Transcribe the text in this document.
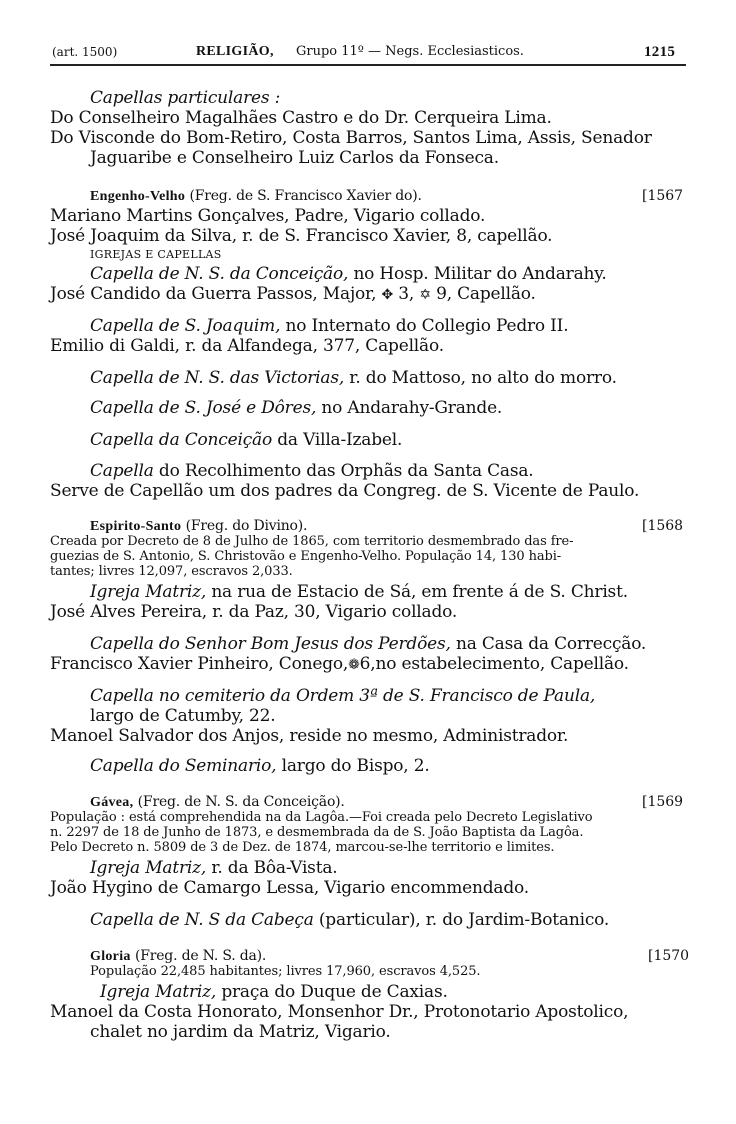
(art. 1500)	RELIGIÃO, Grupo 11º — Negs. Ecclesiasticos.	1215
Capellas particulares :
Do Conselheiro Magalhães Castro e do Dr. Cerqueira Lima.
Do Visconde do Bom-Retiro, Costa Barros, Santos Lima, Assis, Senador
Jaguaribe e Conselheiro Luiz Carlos da Fonseca.
Engenho-Velho (Freg. de S. Francisco Xavier do).	[1567
Mariano Martins Gonçalves, Padre, Vigario collado.
José Joaquim da Silva, r. de S. Francisco Xavier, 8, capellão.
IGREJAS E CAPELLAS
Capella de N. S. da Conceição, no Hosp. Militar do Andarahy.
José Candido da Guerra Passos, Major, ✥ 3, ✡ 9, Capellão.
Capella de S. Joaquim, no Internato do Collegio Pedro II.
Emilio di Galdi, r. da Alfandega, 377, Capellão.
Capella de N. S. das Victorias, r. do Mattoso, no alto do morro.
Capella de S. José e Dôres, no Andarahy-Grande.
Capella da Conceição da Villa-Izabel.
Capella do Recolhimento das Orphãs da Santa Casa.
Serve de Capellão um dos padres da Congreg. de S. Vicente de Paulo.
Espirito-Santo (Freg. do Divino).	[1568
Creada por Decreto de 8 de Julho de 1865, com territorio desmembrado das fre-
guezias de S. Antonio, S. Christovão e Engenho-Velho. População 14, 130 habi-
tantes; livres 12,097, escravos 2,033.
Igreja Matriz, na rua de Estacio de Sá, em frente á de S. Christ.
José Alves Pereira, r. da Paz, 30, Vigario collado.
Capella do Senhor Bom Jesus dos Perdões, na Casa da Correcção.
Francisco Xavier Pinheiro, Conego,❁6,no estabelecimento, Capellão.
Capella no cemiterio da Ordem 3ª de S. Francisco de Paula,
largo de Catumby, 22.
Manoel Salvador dos Anjos, reside no mesmo, Administrador.
Capella do Seminario, largo do Bispo, 2.
Gávea, (Freg. de N. S. da Conceição).	[1569
População : está comprehendida na da Lagôa.—Foi creada pelo Decreto Legislativo
n. 2297 de 18 de Junho de 1873, e desmembrada da de S. João Baptista da Lagôa.
Pelo Decreto n. 5809 de 3 de Dez. de 1874, marcou-se-lhe territorio e limites.
Igreja Matriz, r. da Bôa-Vista.
João Hygino de Camargo Lessa, Vigario encommendado.
Capella de N. S da Cabeça (particular), r. do Jardim-Botanico.
Gloria (Freg. de N. S. da).	[1570
População 22,485 habitantes; livres 17,960, escravos 4,525.
Igreja Matriz, praça do Duque de Caxias.
Manoel da Costa Honorato, Monsenhor Dr., Protonotario Apostolico,
chalet no jardim da Matriz, Vigario.
